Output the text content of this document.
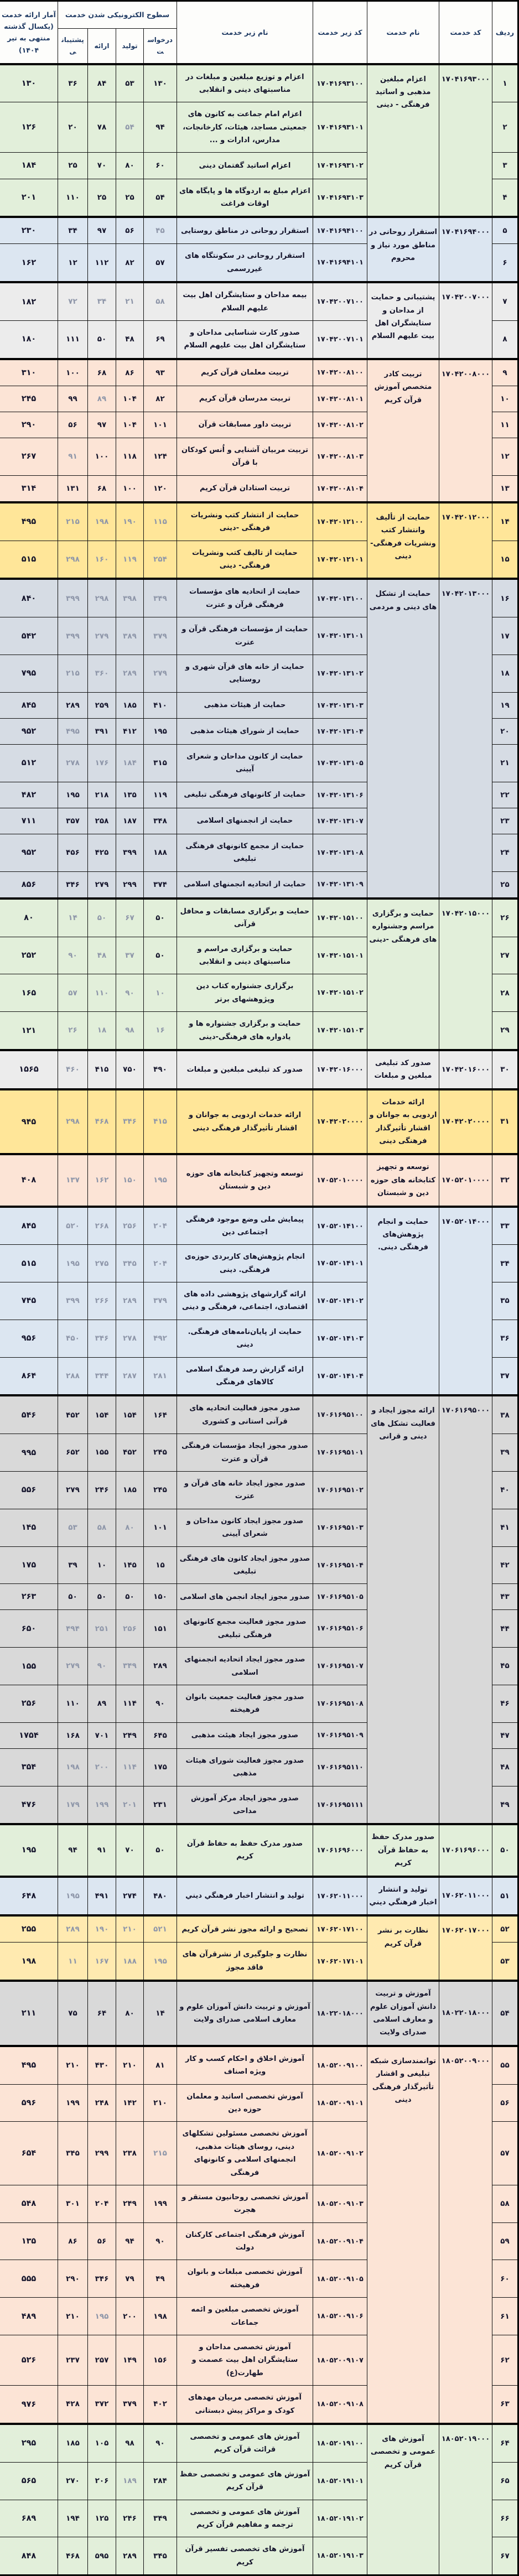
ردیف	کد خدمت	نام خدمت	کد زیر خدمت	نام زیر خدمت	سطوح الکترونیکی شدن خدمت				آمار ارائه خدمت (یکسال گذشته منتهی به تیر ۱۴۰۴)
					درخواست	تولید	ارائه	پشتیبانی	
۱	۱۷۰۴۱۶۹۳۰۰۰	اعزام مبلغین مذهبی و اساتید فرهنگی - دینی	۱۷۰۴۱۶۹۳۱۰۰	اعزام و توزیع مبلغین و مبلغات در مناسبتهای دینی و انقلابی	۱۳۰	۵۳	۸۴	۳۶	۱۳۰
۲			۱۷۰۴۱۶۹۳۱۰۱	اعزام امام جماعت به کانون های جمعیتی مساجد، هیئات، کارخانجات، مدارس، ادارات و ...	۹۴	۵۴	۷۸	۲۰	۱۲۶
۳			۱۷۰۴۱۶۹۳۱۰۲	اعزام اساتید گفتمان دینی	۶۰	۸۰	۷۰	۲۵	۱۸۴
۴			۱۷۰۴۱۶۹۳۱۰۳	اعزام مبلغ به اردوگاه ها و پایگاه های اوقات فراغت	۵۴	۲۵	۲۵	۱۱۰	۲۰۱
۵	۱۷۰۴۱۶۹۴۰۰۰	استقرار روحانی در مناطق مورد نیاز و محروم	۱۷۰۴۱۶۹۴۱۰۰	استقرار روحانی در مناطق روستایی	۴۵	۵۶	۹۷	۳۴	۲۳۰
۶			۱۷۰۴۱۶۹۴۱۰۱	استقرار روحانی در سکونتگاه های غیررسمی	۵۷	۸۲	۱۱۲	۱۲	۱۶۲
۷	۱۷۰۴۲۰۰۷۰۰۰	پشتیبانی و حمایت از مداحان و ستایشگران اهل بیت علیهم السلام	۱۷۰۴۲۰۰۷۱۰۰	بیمه مداحان و ستایشگران اهل بیت علیهم السلام	۵۸	۲۱	۳۴	۷۲	۱۸۲
۸			۱۷۰۴۲۰۰۷۱۰۱	صدور کارت شناسایی مداحان و ستایشگران اهل بیت علیهم السلام	۶۹	۴۸	۵۰	۱۱۱	۱۸۰
۹	۱۷۰۴۲۰۰۸۰۰۰	تربیت کادر متخصص آموزش قرآن کریم	۱۷۰۴۲۰۰۸۱۰۰	تربیت معلمان قرآن کریم	۹۳	۸۶	۶۸	۱۰۰	۳۱۰
۱۰			۱۷۰۴۲۰۰۸۱۰۱	تربیت مدرسان قرآن کریم	۸۲	۱۰۴	۸۹	۹۹	۲۴۵
۱۱			۱۷۰۴۲۰۰۸۱۰۲	تربیت داور مسابقات قرآن	۱۰۱	۱۰۴	۹۷	۵۶	۲۹۰
۱۲			۱۷۰۴۲۰۰۸۱۰۳	تربیت مربیان آشنایی و اُنس کودکان با قرآن	۱۲۴	۱۱۸	۱۰۰	۹۱	۲۶۷
۱۳			۱۷۰۴۲۰۰۸۱۰۴	تربیت استادان قرآن کریم	۱۲۰	۱۰۰	۶۸	۱۳۱	۳۱۴
۱۴	۱۷۰۴۲۰۱۲۰۰۰	حمایت از تألیف وانتشار کتب ونشریات فرهنگی- دینی	۱۷۰۴۲۰۱۲۱۰۰	حمایت از انتشار کتب ونشریات فرهنگی -دینی	۱۱۵	۱۹۰	۱۹۸	۲۱۵	۴۹۵
۱۵			۱۷۰۴۲۰۱۲۱۰۱	حمایت از تالیف کتب ونشریات فرهنگی- دینی	۲۵۴	۱۱۹	۱۶۰	۲۹۸	۵۱۵
۱۶	۱۷۰۴۲۰۱۳۰۰۰	حمایت از تشکل های دینی و مردمی	۱۷۰۴۲۰۱۳۱۰۰	حمایت از اتحادیه های مؤسسات فرهنگی قرآن و عترت	۳۴۹	۳۹۸	۲۹۸	۳۹۹	۸۴۰
۱۷			۱۷۰۴۲۰۱۳۱۰۱	حمایت از مؤسسات فرهنگی قرآن و عترت	۳۷۹	۳۸۹	۲۷۹	۳۹۹	۵۴۲
۱۸			۱۷۰۴۲۰۱۳۱۰۲	حمایت از خانه های قرآن شهری و روستایی	۲۷۹	۲۸۹	۳۶۰	۲۱۵	۷۹۵
۱۹			۱۷۰۴۲۰۱۳۱۰۳	حمایت از هیئات مذهبی	۴۱۰	۱۸۵	۲۵۹	۲۸۹	۸۴۵
۲۰			۱۷۰۴۲۰۱۳۱۰۴	حمایت از شورای هیئات مذهبی	۱۹۵	۴۱۲	۳۹۱	۴۹۵	۹۵۲
۲۱			۱۷۰۴۲۰۱۳۱۰۵	حمایت از کانون مداحان و شعرای آیینی	۳۱۵	۱۸۴	۱۷۶	۲۷۸	۵۱۲
۲۲			۱۷۰۴۲۰۱۳۱۰۶	حمایت از کانونهای فرهنگی تبلیغی	۱۱۹	۱۳۵	۲۱۸	۱۹۵	۴۸۲
۲۳			۱۷۰۴۲۰۱۳۱۰۷	حمایت از انجمنهای اسلامی	۳۴۸	۱۸۷	۲۵۸	۳۵۷	۷۱۱
۲۴			۱۷۰۴۲۰۱۳۱۰۸	حمایت از مجمع کانونهای فرهنگی تبلیغی	۱۸۸	۳۹۹	۴۲۵	۴۵۶	۹۵۲
۲۵			۱۷۰۴۲۰۱۳۱۰۹	حمایت از اتحادیه انجمنهای اسلامی	۳۷۴	۲۹۹	۲۷۹	۳۴۶	۸۵۶
۲۶	۱۷۰۴۲۰۱۵۰۰۰	حمایت و برگزاری مراسم وجشنواره های فرهنگی -دینی	۱۷۰۴۲۰۱۵۱۰۰	حمایت و برگزاری مسابقات و محافل قرآنی	۵۰	۶۷	۵۰	۱۴	۸۰
۲۷			۱۷۰۴۲۰۱۵۱۰۱	حمایت و برگزاری مراسم و مناسبتهای دینی و انقلابی	۵۰	۳۷	۴۸	۹۰	۲۵۲
۲۸			۱۷۰۴۲۰۱۵۱۰۲	برگزاری جشنواره کتاب دین وپژوهشهای برتر	۱۰	۹۰	۱۱۰	۵۷	۱۶۵
۲۹			۱۷۰۴۲۰۱۵۱۰۳	حمایت و برگزاری جشنواره ها و یادواره های فرهنگی-دینی	۱۶	۹۸	۱۸	۲۶	۱۲۱
۳۰	۱۷۰۴۲۰۱۶۰۰۰	صدور کد تبلیغی مبلغین و مبلغات	۱۷۰۴۲۰۱۶۰۰۰	صدور کد تبلیغی مبلغین و مبلغات	۴۹۰	۷۵۰	۴۱۵	۴۶۰	۱۵۶۵
۳۱	۱۷۰۴۲۰۲۰۰۰۰	ارائه خدمات اردویی به جوانان و اقشار تأثیرگذار فرهنگی دینی	۱۷۰۴۲۰۲۰۰۰۰	ارائه خدمات اردویی به جوانان و اقشار تأثیرگذار فرهنگی دینی	۴۱۵	۳۴۶	۴۶۸	۲۹۸	۹۴۵
۳۲	۱۷۰۵۲۰۱۰۰۰۰	توسعه و تجهیز کتابخانه های حوزه دین و شبستان	۱۷۰۵۲۰۱۰۰۰۰	توسعه وتجهیز کتابخانه های حوزه دین و شبستان	۱۹۵	۱۵۰	۱۶۲	۱۳۷	۴۰۸
۳۳	۱۷۰۵۲۰۱۴۰۰۰	حمایت و انجام پژوهش‌های فرهنگی دینی.	۱۷۰۵۲۰۱۴۱۰۰	پیمایش ملی وضع موجود فرهنگی اجتماعی دین	۲۰۴	۲۵۶	۲۶۸	۵۲۰	۸۴۵
۳۴			۱۷۰۵۲۰۱۴۱۰۱	انجام پژوهش‌های کاربردی حوزه‌ی فرهنگی. دینی	۲۰۴	۳۴۵	۲۷۵	۱۹۵	۵۱۵
۳۵			۱۷۰۵۲۰۱۴۱۰۲	ارائه گزارشهای پژوهشی داده های اقتصادی، اجتماعی، فرهنگی و دینی	۳۷۹	۲۸۹	۲۶۶	۳۹۹	۷۴۵
۳۶			۱۷۰۵۲۰۱۴۱۰۳	حمایت از پایان‌نامه‌های فرهنگی. دینی	۴۹۲	۲۷۸	۳۴۶	۴۵۰	۹۵۶
۳۷			۱۷۰۵۲۰۱۴۱۰۴	ارائه گزارش رصد فرهنگ اسلامی کالاهای فرهنگی	۲۸۱	۲۸۷	۳۴۴	۲۸۸	۸۶۴
۳۸	۱۷۰۶۱۶۹۵۰۰۰	ارائه مجوز ایجاد و فعالیت تشکل های دینی و قرانی	۱۷۰۶۱۶۹۵۱۰۰	صدور مجوز فعالیت اتحادیه های قرآنی استانی و کشوری	۱۶۴	۱۵۴	۱۵۴	۴۵۲	۵۴۶
۳۹			۱۷۰۶۱۶۹۵۱۰۱	صدور مجوز ایجاد مؤسسات فرهنگی قرآن و عترت	۲۴۵	۴۵۲	۱۵۵	۶۵۲	۹۹۵
۴۰			۱۷۰۶۱۶۹۵۱۰۲	صدور مجوز ایجاد خانه های قرآن و عترت	۲۴۵	۱۸۵	۲۴۶	۲۷۹	۵۵۶
۴۱			۱۷۰۶۱۶۹۵۱۰۳	صدور مجوز ایجاد کانون مداحان و شعرای آیینی	۱۰۱	۸۰	۵۸	۵۳	۱۴۵
۴۲			۱۷۰۶۱۶۹۵۱۰۴	صدور مجوز ایجاد کانون های فرهنگی تبلیغی	۱۵	۱۴۵	۱۰	۳۹	۱۷۵
۴۳			۱۷۰۶۱۶۹۵۱۰۵	صدور مجوز ایجاد انجمن های اسلامی	۱۵۰	۵۰	۵۰	۵۰	۲۶۳
۴۴			۱۷۰۶۱۶۹۵۱۰۶	صدور مجوز فعالیت مجمع کانونهای فرهنگی تبلیغی	۱۵۱	۲۵۶	۲۵۱	۴۹۴	۶۵۰
۴۵			۱۷۰۶۱۶۹۵۱۰۷	صدور مجوز ایجاد اتحادیه انجمنهای اسلامی	۲۸۹	۳۴۹	۹۰	۲۷۹	۱۵۵
۴۶			۱۷۰۶۱۶۹۵۱۰۸	صدور مجوز فعالیت جمعیت بانوان فرهیخته	۹۰	۱۱۴	۸۹	۱۱۰	۲۵۶
۴۷			۱۷۰۶۱۶۹۵۱۰۹	صدور مجوز ایجاد هیئت مذهبی	۶۴۵	۲۴۹	۷۰۱	۱۶۸	۱۷۵۴
۴۸			۱۷۰۶۱۶۹۵۱۱۰	صدور مجوز فعالیت شورای هیئات مذهبی	۱۷۵	۱۱۴	۲۰۰	۱۹۸	۳۵۴
۴۹			۱۷۰۶۱۶۹۵۱۱۱	صدور مجوز ایجاد مرکز آموزش مداحی	۲۳۱	۲۰۱	۱۹۹	۱۷۹	۴۷۶
۵۰	۱۷۰۶۱۶۹۶۰۰۰	صدور مدرک حفظ به حفاظ قرآن کریم	۱۷۰۶۱۶۹۶۰۰۰	صدور مدرک حفظ به حفاظ قرآن کریم	۵۰	۷۰	۹۱	۹۴	۱۹۵
۵۱	۱۷۰۶۲۰۱۱۰۰۰	تولید و انتشار اخبار فرهنگي ديني	۱۷۰۶۲۰۱۱۰۰۰	تولید و انتشار اخبار فرهنگي ديني	۴۸۰	۲۷۴	۴۹۱	۱۹۵	۶۴۸
۵۲	۱۷۰۶۲۰۱۷۰۰۰	نظارت بر نشر قرآن کریم	۱۷۰۶۲۰۱۷۱۰۰	تصحیح و ارائه مجوز نشر قرآن کریم	۵۲۱	۲۱۰	۱۹۰	۲۸۹	۲۵۵
۵۳			۱۷۰۶۲۰۱۷۱۰۱	نظارت و جلوگیری از نشرقرآن های فاقد مجوز	۱۹۵	۱۸۸	۱۶۷	۱۱	۱۹۸
۵۴	۱۸۰۲۲۰۱۸۰۰۰	آموزش و تربیت دانش آموزان علوم و معارف اسلامی صدرای ولایت	۱۸۰۲۲۰۱۸۰۰۰	آموزش و تربیت دانش آموزان علوم و معارف اسلامی صدرای ولایت	۱۴	۸۰	۶۴	۷۵	۲۱۱
۵۵	۱۸۰۵۲۰۰۹۰۰۰	توانمندسازی شبکه تبلیغی و اقشار تأثیرگذار فرهنگی دینی	۱۸۰۵۲۰۰۹۱۰۰	آموزش اخلاق و احکام کسب و کار ویژه اصناف	۸۱	۲۱۰	۴۳۰	۲۱۰	۴۹۵
۵۶			۱۸۰۵۲۰۰۹۱۰۱	آموزش تخصصی اساتید و معلمان حوزه دین	۲۱۰	۱۴۲	۲۴۸	۱۹۹	۵۹۶
۵۷			۱۸۰۵۲۰۰۹۱۰۲	آموزش تخصصی مسئولین تشکلهای دینی، روسای هیئات مذهبی، انجمنهای اسلامی و کانونهای فرهنگی	۲۱۵	۲۳۸	۲۹۹	۳۴۵	۶۵۴
۵۸			۱۸۰۵۲۰۰۹۱۰۳	آموزش تخصصی روحانیون مستقر و هجرت	۱۹۹	۲۴۹	۲۰۴	۳۰۱	۵۴۸
۵۹			۱۸۰۵۲۰۰۹۱۰۴	آموزش فرهنگی اجتماعی کارکنان دولت	۹۰	۹۴	۵۶	۸۶	۱۳۵
۶۰			۱۸۰۵۲۰۰۹۱۰۵	آموزش تخصصی مبلغات و بانوان فرهیخته	۴۹	۷۹	۳۴۶	۲۹۰	۵۵۵
۶۱			۱۸۰۵۲۰۰۹۱۰۶	آموزش تخصصی مبلغین و ائمه جماعات	۱۹۸	۲۰۰	۱۹۵	۲۱۰	۴۸۹
۶۲			۱۸۰۵۲۰۰۹۱۰۷	آموزش تخصصی مداحان و ستایشگران اهل بیت عصمت و طهارت(ع)	۱۵۶	۱۴۹	۲۵۷	۲۳۷	۵۲۶
۶۳			۱۸۰۵۲۰۰۹۱۰۸	آموزش تخصصی مربیان مهدهای کودک و مراکز پیش دبستانی	۴۰۲	۳۷۹	۳۷۲	۴۲۸	۹۷۶
۶۴	۱۸۰۵۲۰۱۹۰۰۰	آموزش های عمومی و تخصصی قرآن کریم	۱۸۰۵۲۰۱۹۱۰۰	آموزش های عمومی و تخصصی قرائت قرآن کریم	۹۰	۹۸	۱۰۵	۱۸۵	۲۹۵
۶۵			۱۸۰۵۲۰۱۹۱۰۱	آموزش های عمومی و تخصصی حفظ قرآن کریم	۲۸۴	۱۸۹	۲۰۶	۲۷۰	۵۶۵
۶۶			۱۸۰۵۲۰۱۹۱۰۲	آموزش های عمومی و تخصصی ترجمه و مفاهیم قرآن کریم	۳۴۹	۲۴۶	۱۲۵	۱۹۴	۶۸۹
۶۷			۱۸۰۵۲۰۱۹۱۰۳	آموزش های تخصصی تفسیر قرآن کریم	۳۴۵	۲۸۹	۵۹۵	۴۶۸	۸۴۸
